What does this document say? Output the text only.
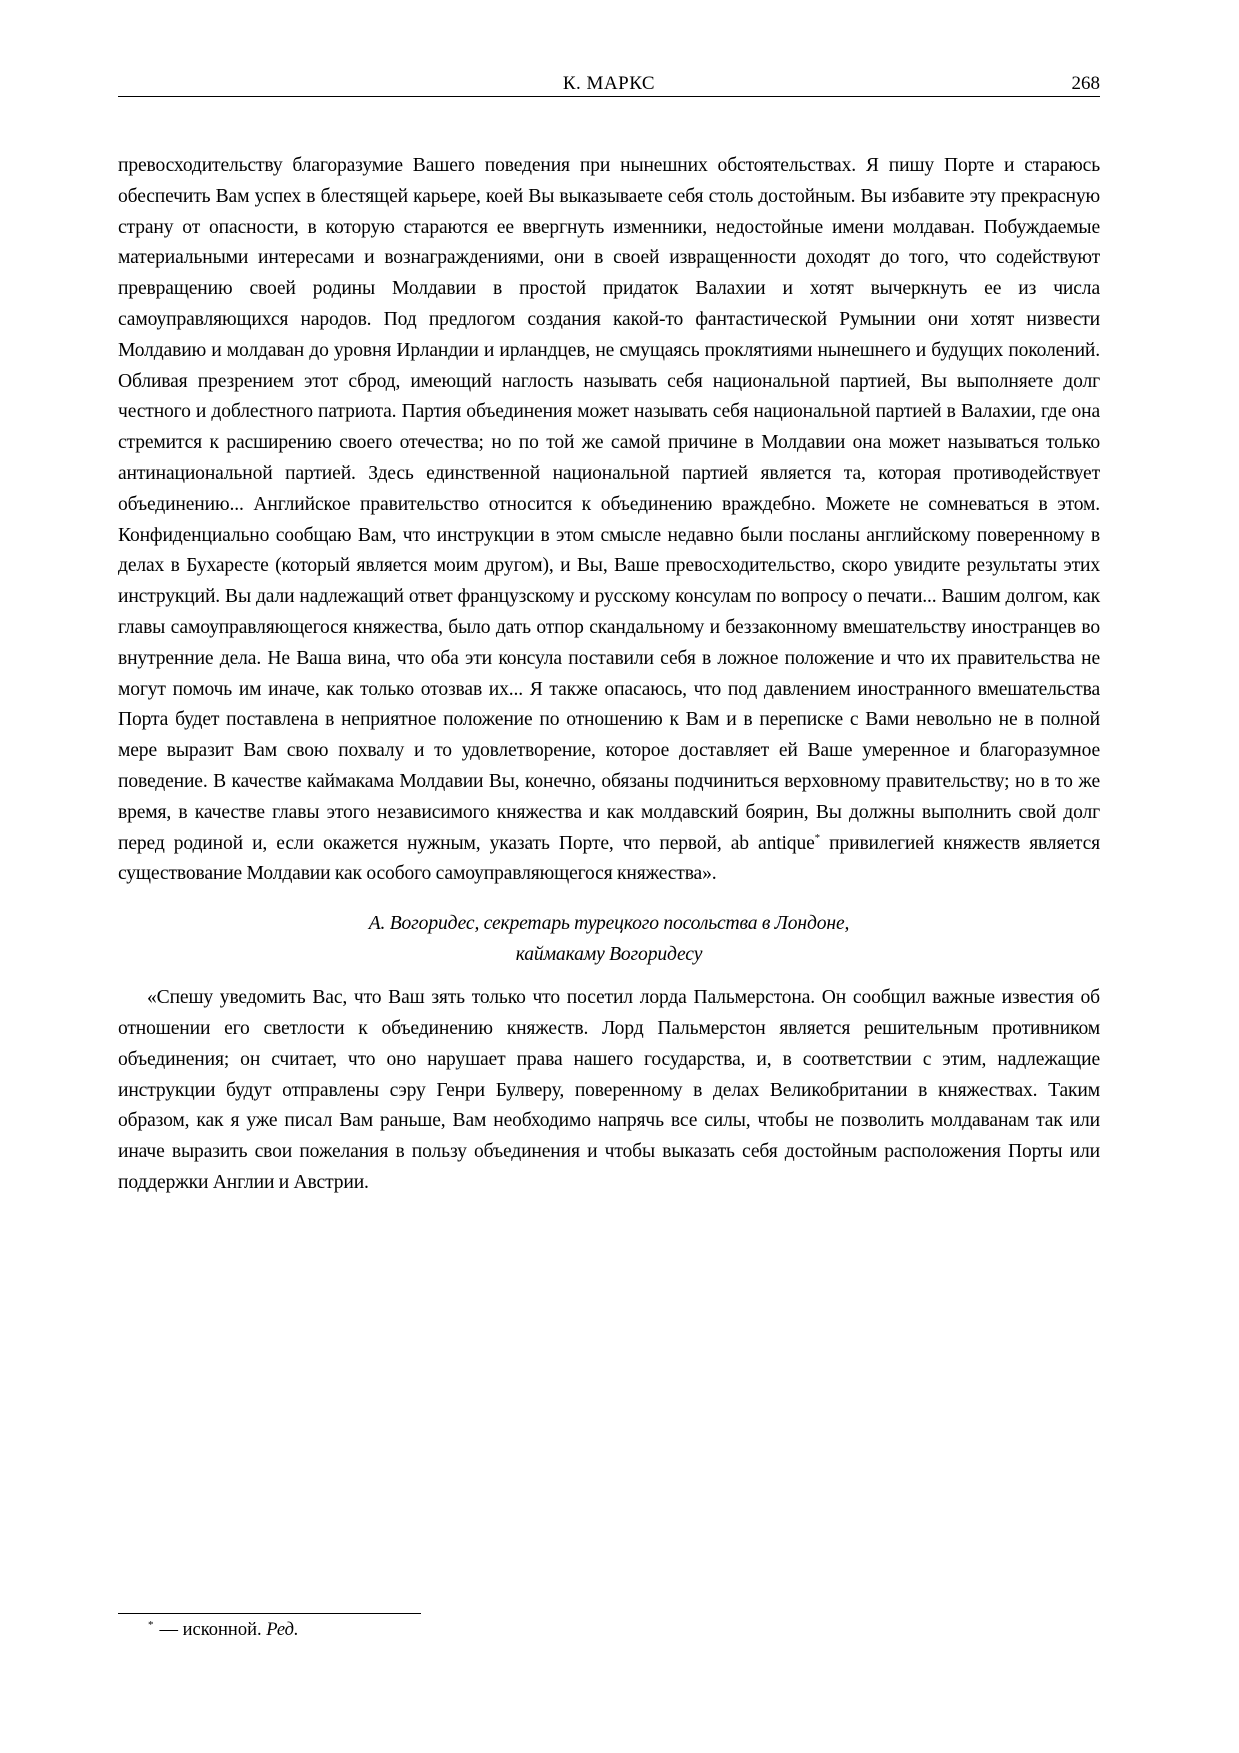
К. МАРКС	268

превосходительству благоразумие Вашего поведения при нынешних обстоятельствах. Я пишу Порте и стараюсь обеспечить Вам успех в блестящей карьере, коей Вы выказываете себя столь достойным. Вы избавите эту прекрасную страну от опасности, в которую стараются ее ввергнуть изменники, недостойные имени молдаван. Побуждаемые материальными интересами и вознаграждениями, они в своей извращенности доходят до того, что содействуют превращению своей родины Молдавии в простой придаток Валахии и хотят вычеркнуть ее из числа самоуправляющихся народов. Под предлогом создания какой-то фантастической Румынии они хотят низвести Молдавию и молдаван до уровня Ирландии и ирландцев, не смущаясь проклятиями нынешнего и будущих поколений. Обливая презрением этот сброд, имеющий наглость называть себя национальной партией, Вы выполняете долг честного и доблестного патриота. Партия объединения может называть себя национальной партией в Валахии, где она стремится к расширению своего отечества; но по той же самой причине в Молдавии она может называться только антинациональной партией. Здесь единственной национальной партией является та, которая противодействует объединению... Английское правительство относится к объединению враждебно. Можете не сомневаться в этом. Конфиденциально сообщаю Вам, что инструкции в этом смысле недавно были посланы английскому поверенному в делах в Бухаресте (который является моим другом), и Вы, Ваше превосходительство, скоро увидите результаты этих инструкций. Вы дали надлежащий ответ французскому и русскому консулам по вопросу о печати... Вашим долгом, как главы самоуправляющегося княжества, было дать отпор скандальному и беззаконному вмешательству иностранцев во внутренние дела. Не Ваша вина, что оба эти консула поставили себя в ложное положение и что их правительства не могут помочь им иначе, как только отозвав их... Я также опасаюсь, что под давлением иностранного вмешательства Порта будет поставлена в неприятное положение по отношению к Вам и в переписке с Вами невольно не в полной мере выразит Вам свою похвалу и то удовлетворение, которое доставляет ей Ваше умеренное и благоразумное поведение. В качестве каймакама Молдавии Вы, конечно, обязаны подчиниться верховному правительству; но в то же время, в качестве главы этого независимого княжества и как молдавский боярин, Вы должны выполнить свой долг перед родиной и, если окажется нужным, указать Порте, что первой, ab antique* привилегией княжеств является существование Молдавии как особого самоуправляющегося княжества».

А. Вогоридес, секретарь турецкого посольства в Лондоне,
каймакаму Вогоридесу

«Спешу уведомить Вас, что Ваш зять только что посетил лорда Пальмерстона. Он сообщил важные известия об отношении его светлости к объединению княжеств. Лорд Пальмерстон является решительным противником объединения; он считает, что оно нарушает права нашего государства, и, в соответствии с этим, надлежащие инструкции будут отправлены сэру Генри Булверу, поверенному в делах Великобритании в княжествах. Таким образом, как я уже писал Вам раньше, Вам необходимо напрячь все силы, чтобы не позволить молдаванам так или иначе выразить свои пожелания в пользу объединения и чтобы выказать себя достойным расположения Порты или поддержки Англии и Австрии.

* — исконной. Ред.
